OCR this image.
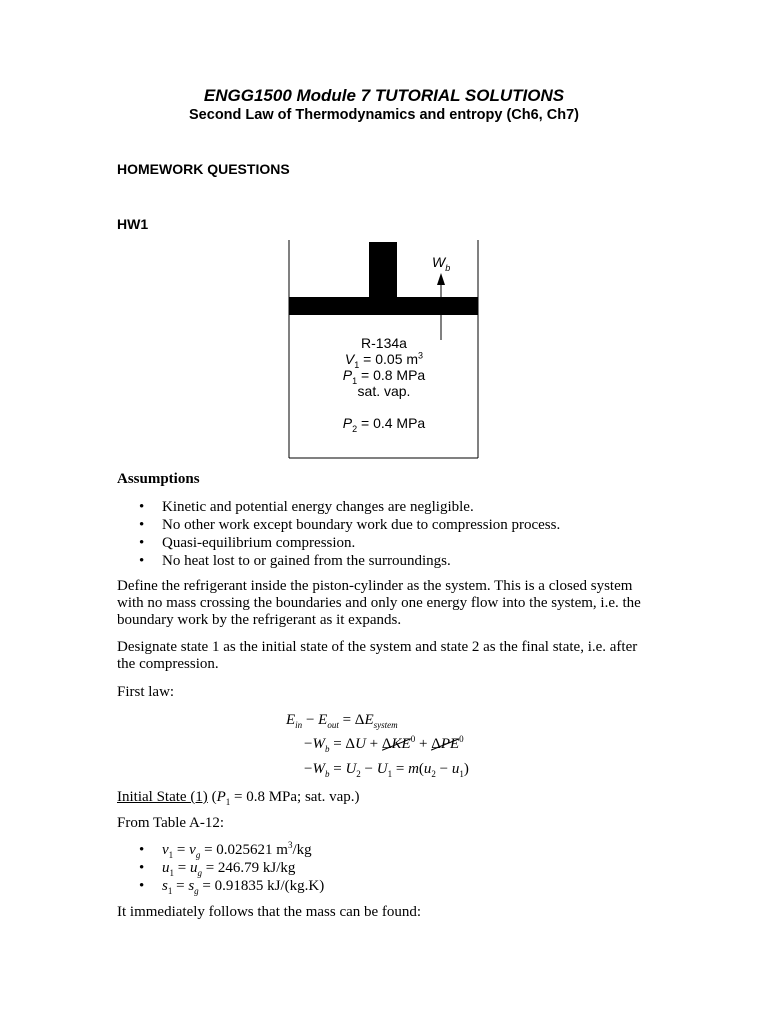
ENGG1500 Module 7 TUTORIAL SOLUTIONS
Second Law of Thermodynamics and entropy (Ch6, Ch7)
HOMEWORK QUESTIONS
HW1
$W_b$
R-134a
$V_1 = 0.05$ $m^3$
$P_1 = 0.8$ MPa
sat. vap.
$P_2 = 0.4$ MPa
Assumptions
• Kinetic and potential energy changes are negligible.
• No other work except boundary work due to compression process.
• Quasi-equilibrium compression.
• No heat lost to or gained from the surroundings.

Define the refrigerant inside the piston-cylinder as the system. This is a closed system with no mass crossing the boundaries and only one energy flow into the system, i.e. the boundary work by the refrigerant as it expands.

Designate state 1 as the initial state of the system and state 2 as the final state, i.e. after the compression.

First law:

$E_{in} - E_{out} = \Delta E_{system}$
$-W_b = \Delta U + \Delta KE^0 + \Delta PE^0$
$-W_b = U_2 - U_1 = m(u_2 - u_1)$

Initial State (1) ($P_1 = 0.8$ MPa; sat. vap.)

From Table A-12:

• $v_1 = v_g = 0.025621$ $m^3/kg$
• $u_1 = u_g = 246.79$ kJ/kg
• $s_1 = s_g = 0.91835$ kJ/(kg.K)

It immediately follows that the mass can be found:
